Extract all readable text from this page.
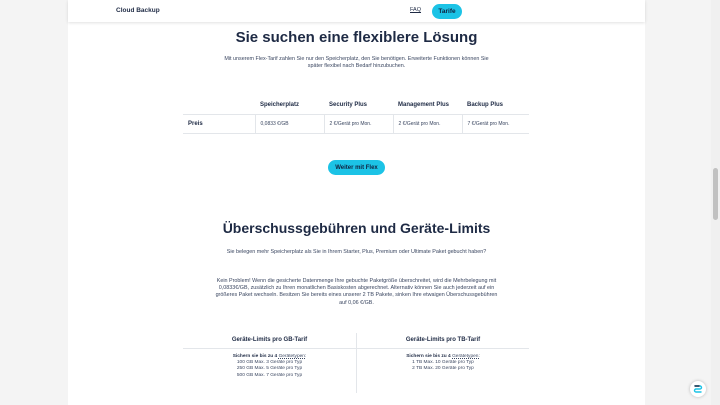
Cloud Backup	FAQ	Tarife
Sie suchen eine flexiblere Lösung

Mit unserem Flex-Tarif zahlen Sie nur den Speicherplatz, den Sie benötigen. Erweiterte Funktionen können Sie später flexibel nach Bedarf hinzubuchen.

	Speicherplatz	Security Plus	Management Plus	Backup Plus
Preis	0,0833 €/GB	2 €/Gerät pro Mon.	2 €/Gerät pro Mon.	7 €/Gerät pro Mon.
Weiter mit Flex
Überschussgebühren und Geräte-Limits

Sie belegen mehr Speicherplatz als Sie in Ihrem Starter, Plus, Premium oder Ultimate Paket gebucht haben?

Kein Problem! Wenn die gesicherte Datenmenge Ihre gebuchte Paketgröße überschreitet, wird die Mehrbelegung mit 0,0833€/GB, zusätzlich zu Ihren monatlichen Basiskosten abgerechnet. Alternativ können Sie auch jederzeit auf ein größeres Paket wechseln. Besitzen Sie bereits eines unserer 2 TB Pakete, sinken Ihre etwaigen Überschussgebühren auf 0,06 €/GB.

Geräte-Limits pro GB-Tarif
Sichern sie bis zu 4 Gerätetypen:
100 GB Max. 3 Geräte pro Typ
250 GB Max. 5 Geräte pro Typ
500 GB Max. 7 Geräte pro Typ
Geräte-Limits pro TB-Tarif
Sichern sie bis zu 4 Gerätetypen:
1 TB Max. 10 Geräte pro Typ
2 TB Max. 20 Geräte pro Typ
